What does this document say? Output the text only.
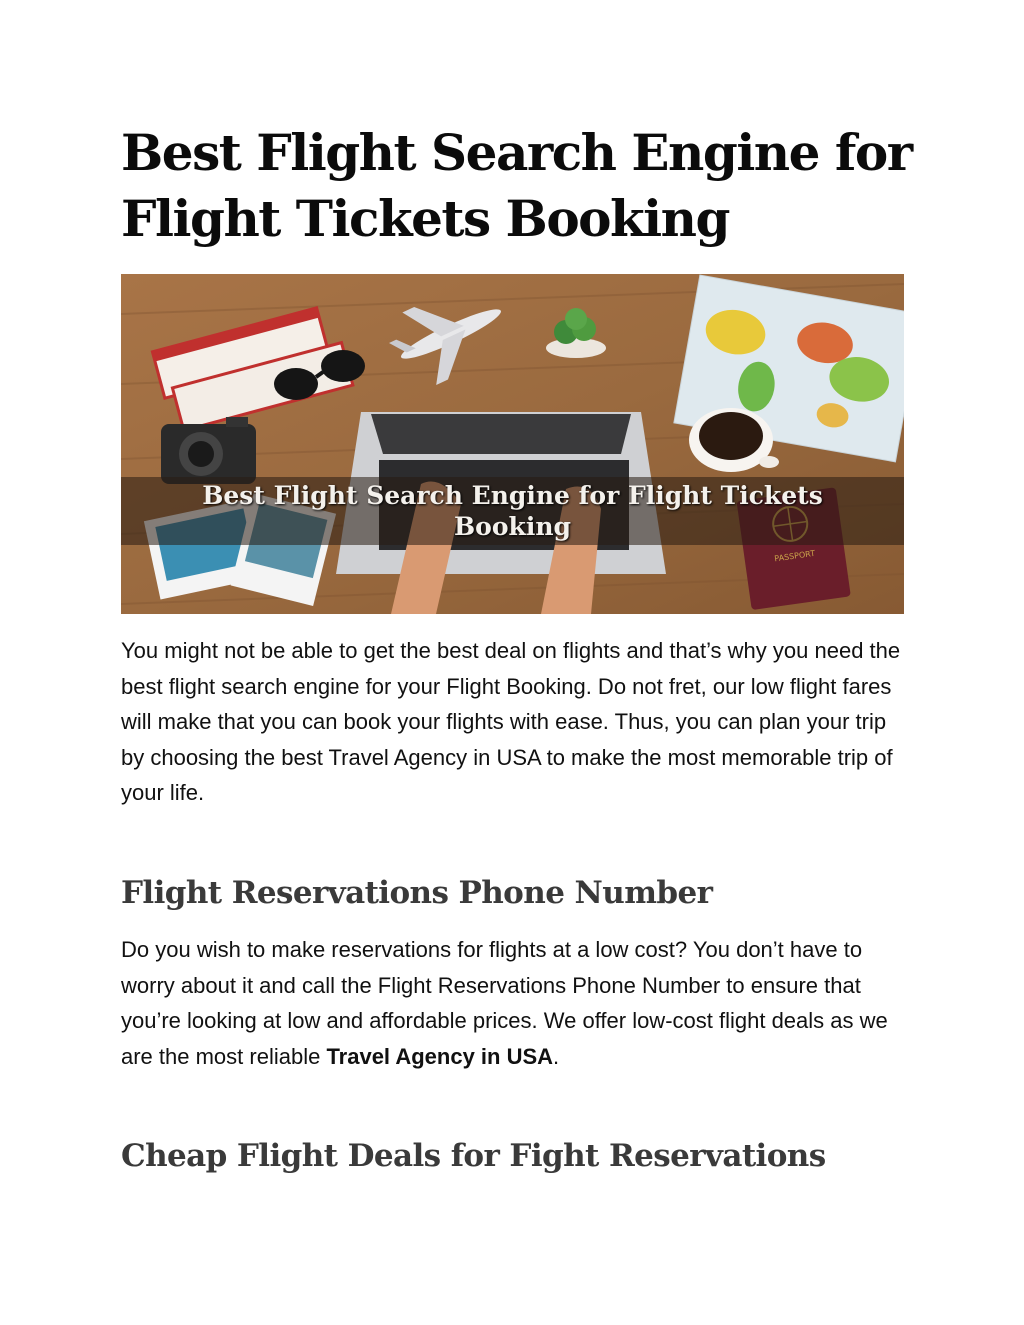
Best Flight Search Engine for Flight Tickets Booking
PASSPORT
Best Flight Search Engine for Flight Tickets Booking

You might not be able to get the best deal on flights and that’s why you need the best flight search engine for your Flight Booking. Do not fret, our low flight fares will make that you can book your flights with ease. Thus, you can plan your trip by choosing the best Travel Agency in USA to make the most memorable trip of your life.

Flight Reservations Phone Number

Do you wish to make reservations for flights at a low cost? You don’t have to worry about it and call the Flight Reservations Phone Number to ensure that you’re looking at low and affordable prices. We offer low-cost flight deals as we are the most reliable Travel Agency in USA.

Cheap Flight Deals for Fight Reservations
